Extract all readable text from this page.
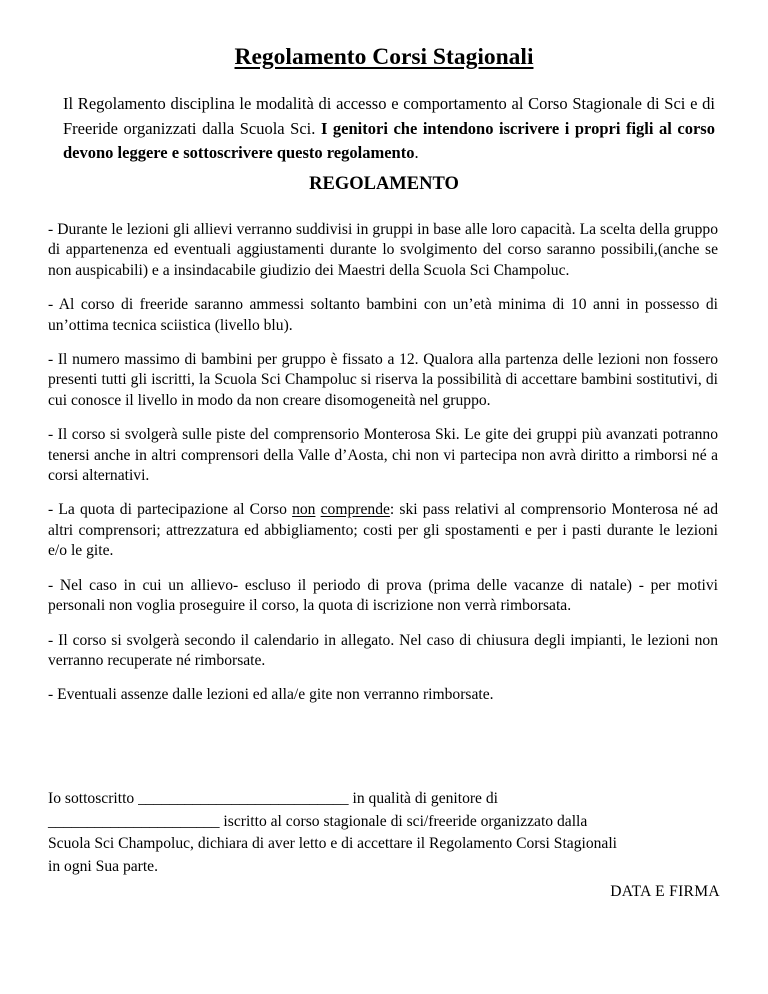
Regolamento Corsi Stagionali
Il Regolamento disciplina le modalità di accesso e comportamento al Corso Stagionale di Sci e di Freeride organizzati dalla Scuola Sci. I genitori che intendono iscrivere i propri figli al corso devono leggere e sottoscrivere questo regolamento.
REGOLAMENTO

- Durante le lezioni gli allievi verranno suddivisi in gruppi in base alle loro capacità. La scelta della gruppo di appartenenza ed eventuali aggiustamenti durante lo svolgimento del corso saranno possibili,(anche se non auspicabili) e a insindacabile giudizio dei Maestri della Scuola Sci Champoluc.

- Al corso di freeride saranno ammessi soltanto bambini con un’età minima di 10 anni in possesso di un’ottima tecnica sciistica (livello blu).

- Il numero massimo di bambini per gruppo è fissato a 12. Qualora alla partenza delle lezioni non fossero presenti tutti gli iscritti, la Scuola Sci Champoluc si riserva la possibilità di accettare bambini sostitutivi, di cui conosce il livello in modo da non creare disomogeneità nel gruppo.

- Il corso si svolgerà sulle piste del comprensorio Monterosa Ski. Le gite dei gruppi più avanzati potranno tenersi anche in altri comprensori della Valle d’Aosta, chi non vi partecipa non avrà diritto a rimborsi né a corsi alternativi.

- La quota di partecipazione al Corso non comprende: ski pass relativi al comprensorio Monterosa né ad altri comprensori; attrezzatura ed abbigliamento; costi per gli spostamenti e per i pasti durante le lezioni e/o le gite.

- Nel caso in cui un allievo- escluso il periodo di prova (prima delle vacanze di natale) - per motivi personali non voglia proseguire il corso, la quota di iscrizione non verrà rimborsata.

- Il corso si svolgerà secondo il calendario in allegato. Nel caso di chiusura degli impianti, le lezioni non verranno recuperate né rimborsate.

- Eventuali assenze dalle lezioni ed alla/e gite non verranno rimborsate.

Io sottoscritto ___________________________ in qualità di genitore di
______________________ iscritto al corso stagionale di sci/freeride organizzato dalla
Scuola Sci Champoluc, dichiara di aver letto e di accettare il Regolamento Corsi Stagionali
in ogni Sua parte.
DATA E FIRMA
